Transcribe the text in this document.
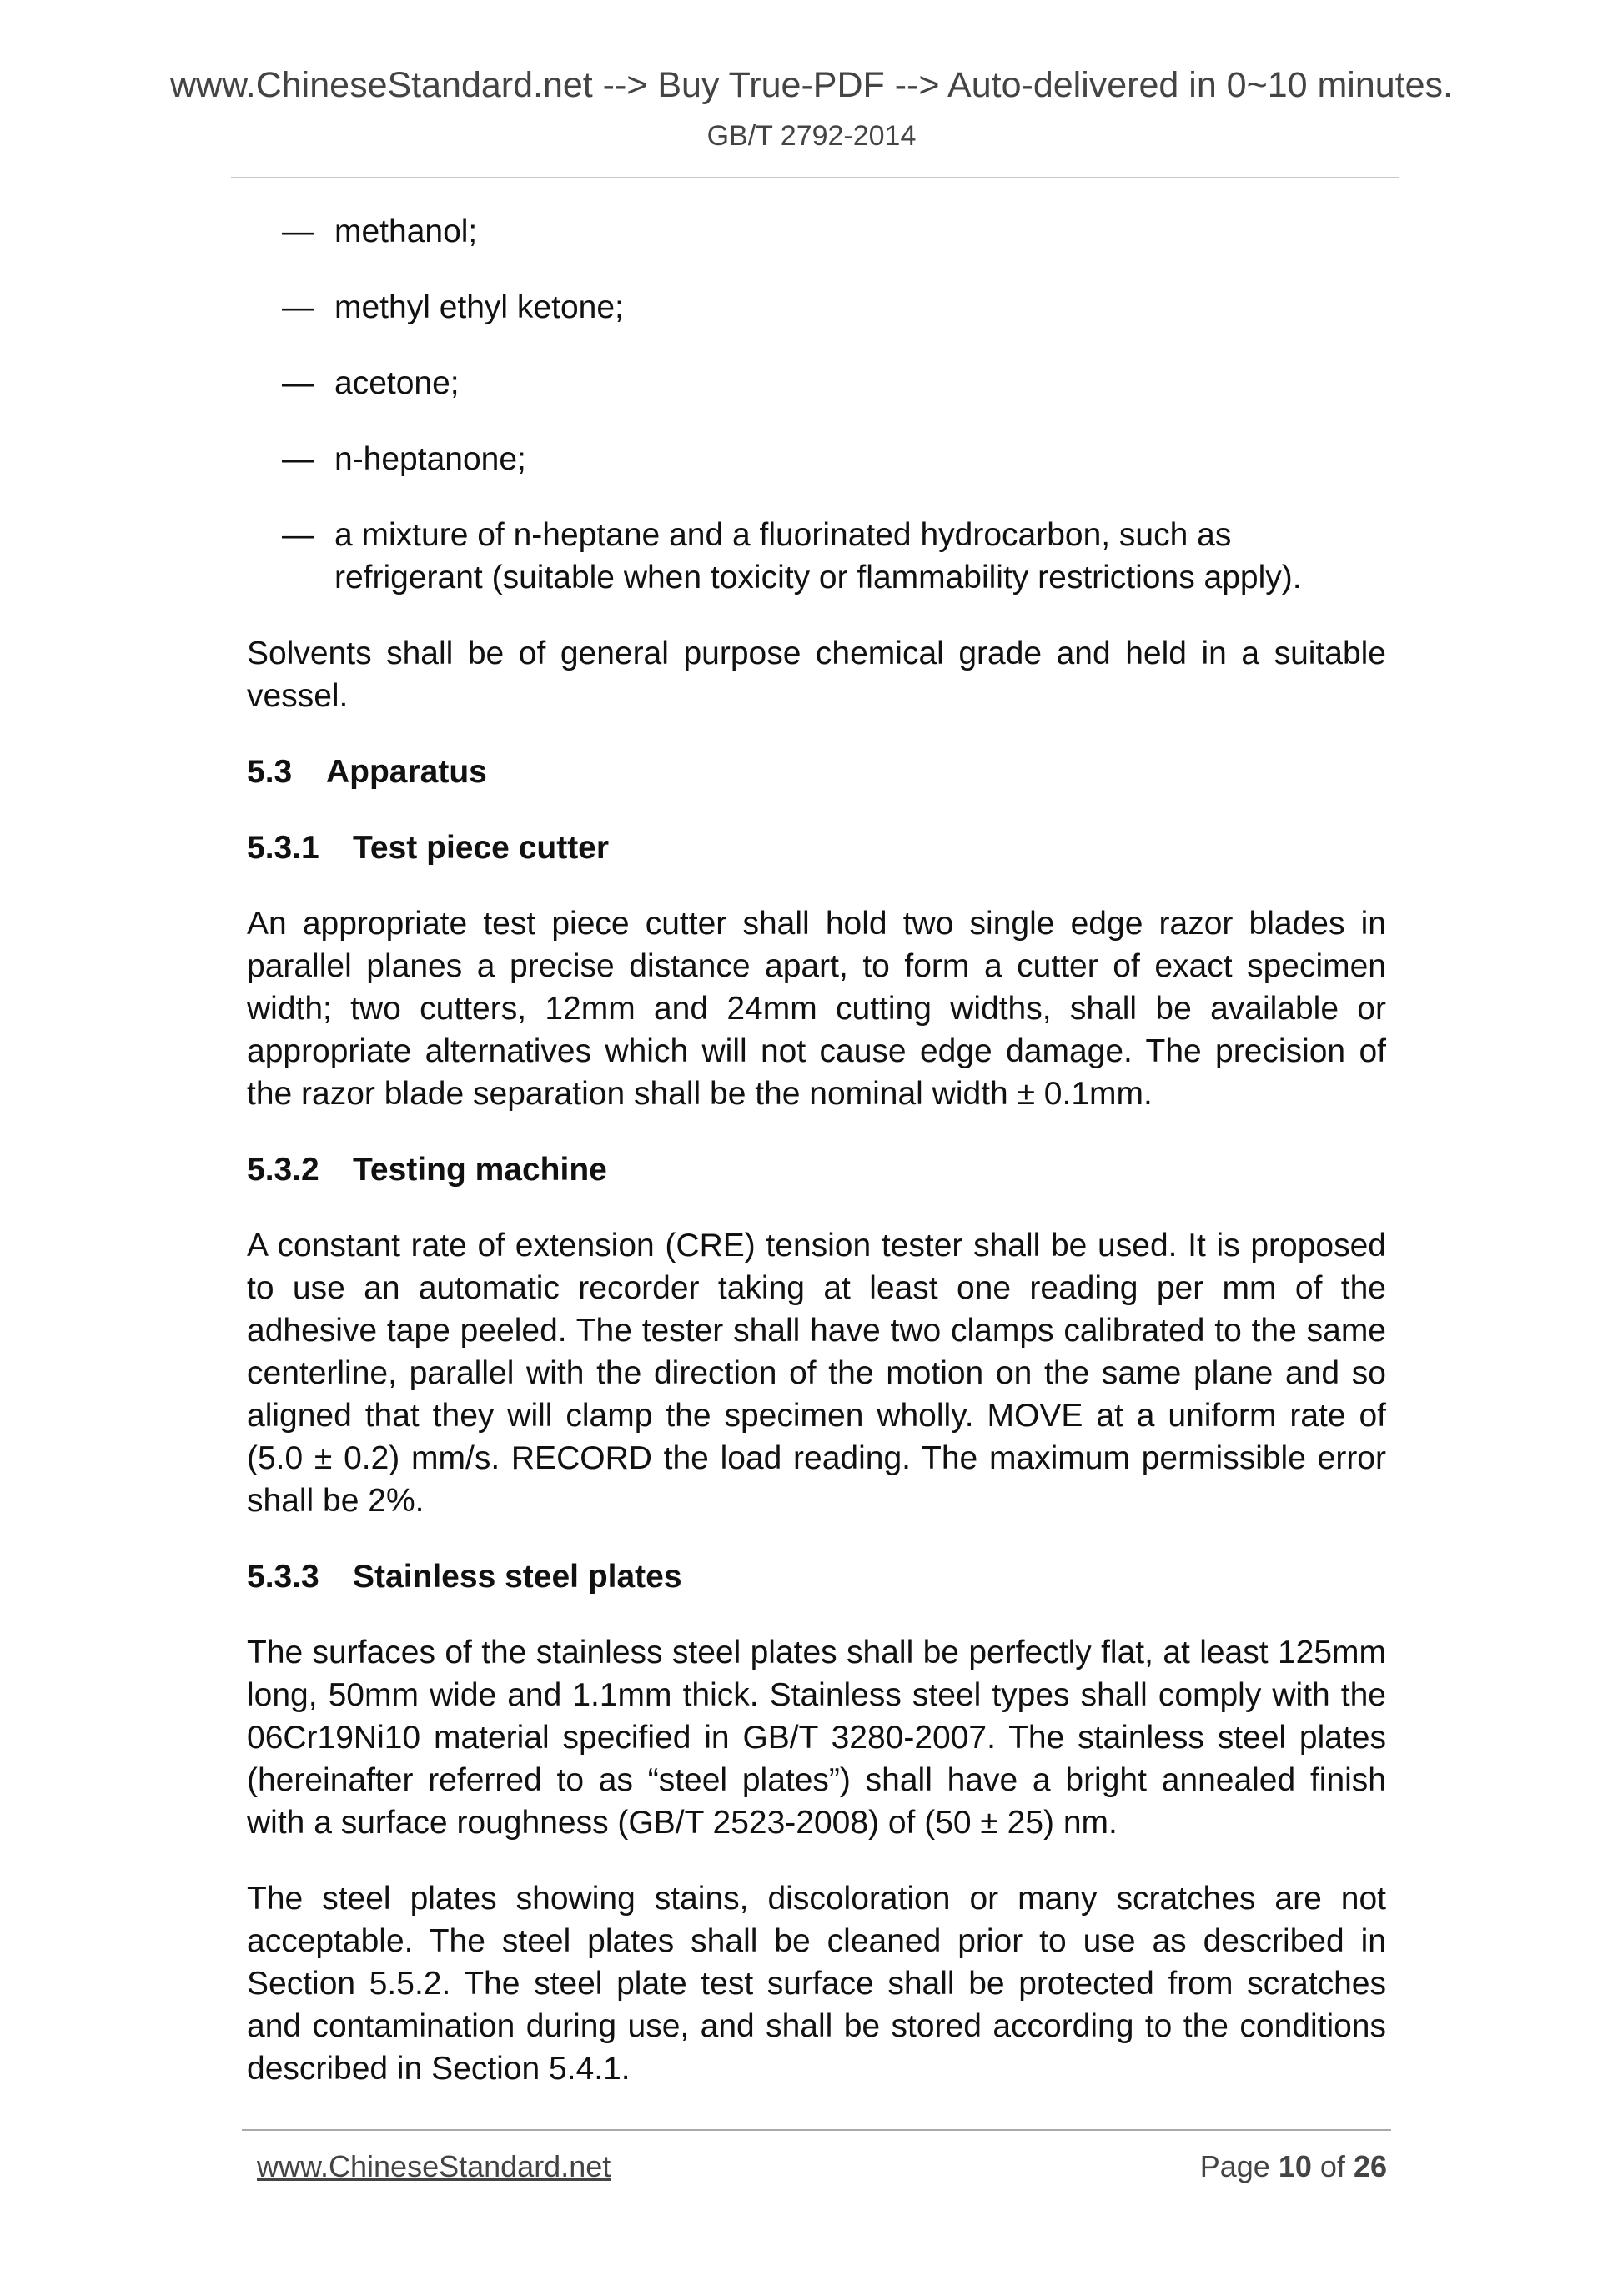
www.ChineseStandard.net --> Buy True-PDF --> Auto-delivered in 0~10 minutes.
GB/T 2792-2014
— methanol;
— methyl ethyl ketone;
— acetone;
— n-heptanone;
— a mixture of n-heptane and a fluorinated hydrocarbon, such as refrigerant (suitable when toxicity or flammability restrictions apply).

Solvents shall be of general purpose chemical grade and held in a suitable vessel.

5.3 Apparatus
5.3.1 Test piece cutter

An appropriate test piece cutter shall hold two single edge razor blades in parallel planes a precise distance apart, to form a cutter of exact specimen width; two cutters, 12mm and 24mm cutting widths, shall be available or appropriate alternatives which will not cause edge damage. The precision of the razor blade separation shall be the nominal width ± 0.1mm.

5.3.2 Testing machine

A constant rate of extension (CRE) tension tester shall be used. It is proposed to use an automatic recorder taking at least one reading per mm of the adhesive tape peeled. The tester shall have two clamps calibrated to the same centerline, parallel with the direction of the motion on the same plane and so aligned that they will clamp the specimen wholly. MOVE at a uniform rate of (5.0 ± 0.2) mm/s. RECORD the load reading. The maximum permissible error shall be 2%.

5.3.3 Stainless steel plates

The surfaces of the stainless steel plates shall be perfectly flat, at least 125mm long, 50mm wide and 1.1mm thick. Stainless steel types shall comply with the 06Cr19Ni10 material specified in GB/T 3280-2007. The stainless steel plates (hereinafter referred to as “steel plates”) shall have a bright annealed finish with a surface roughness (GB/T 2523-2008) of (50 ± 25) nm.

The steel plates showing stains, discoloration or many scratches are not acceptable. The steel plates shall be cleaned prior to use as described in Section 5.5.2. The steel plate test surface shall be protected from scratches and contamination during use, and shall be stored according to the conditions described in Section 5.4.1.

www.ChineseStandard.net	Page 10 of 26
